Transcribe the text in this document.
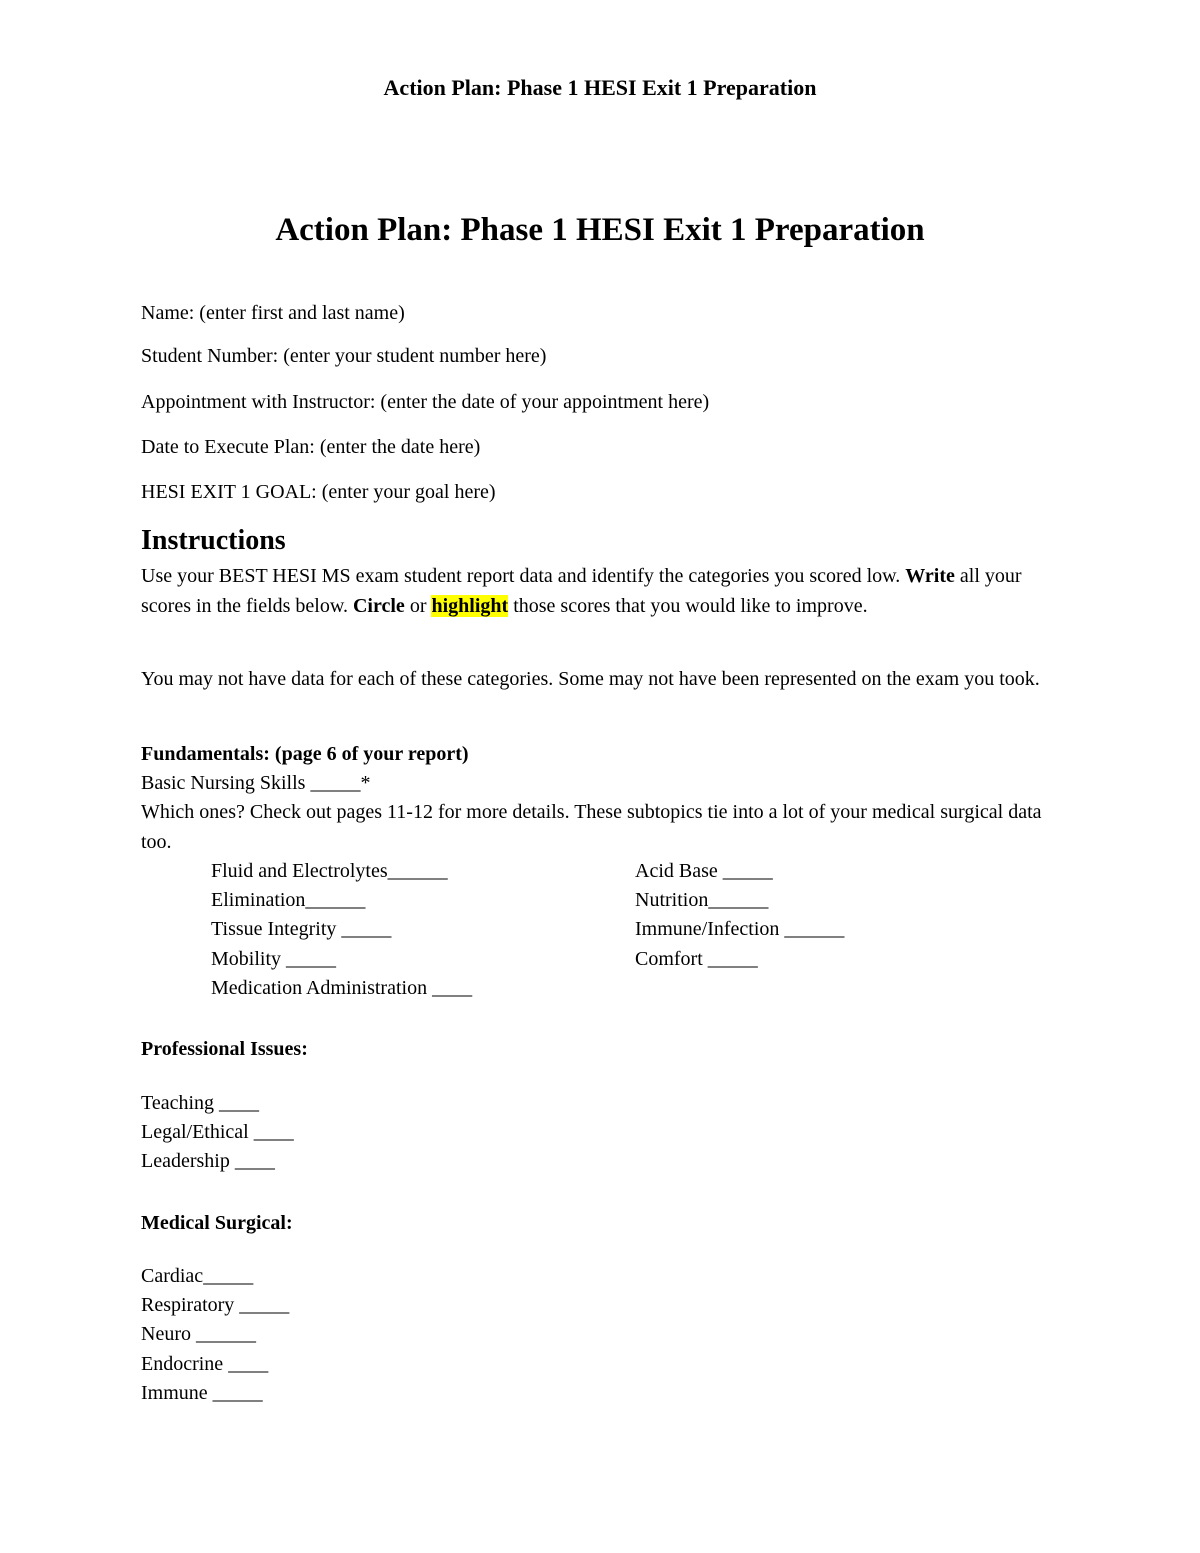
Action Plan: Phase 1 HESI Exit 1 Preparation
Action Plan: Phase 1 HESI Exit 1 Preparation
Name: (enter first and last name)
Student Number: (enter your student number here)
Appointment with Instructor: (enter the date of your appointment here)
Date to Execute Plan: (enter the date here)
HESI EXIT 1 GOAL: (enter your goal here)
Instructions
Use your BEST HESI MS exam student report data and identify the categories you scored low. Write all your scores in the fields below. Circle or highlight those scores that you would like to improve.
You may not have data for each of these categories. Some may not have been represented on the exam you took.
Fundamentals: (page 6 of your report)
Basic Nursing Skills _____*
Which ones? Check out pages 11-12 for more details. These subtopics tie into a lot of your medical surgical data too.
Fluid and Electrolytes______
Elimination______
Tissue Integrity _____
Mobility _____
Medication Administration ____
Acid Base _____
Nutrition______
Immune/Infection ______
Comfort _____
Professional Issues:
Teaching ____
Legal/Ethical ____
Leadership ____
Medical Surgical:
Cardiac_____
Respiratory _____
Neuro ______
Endocrine ____
Immune _____
